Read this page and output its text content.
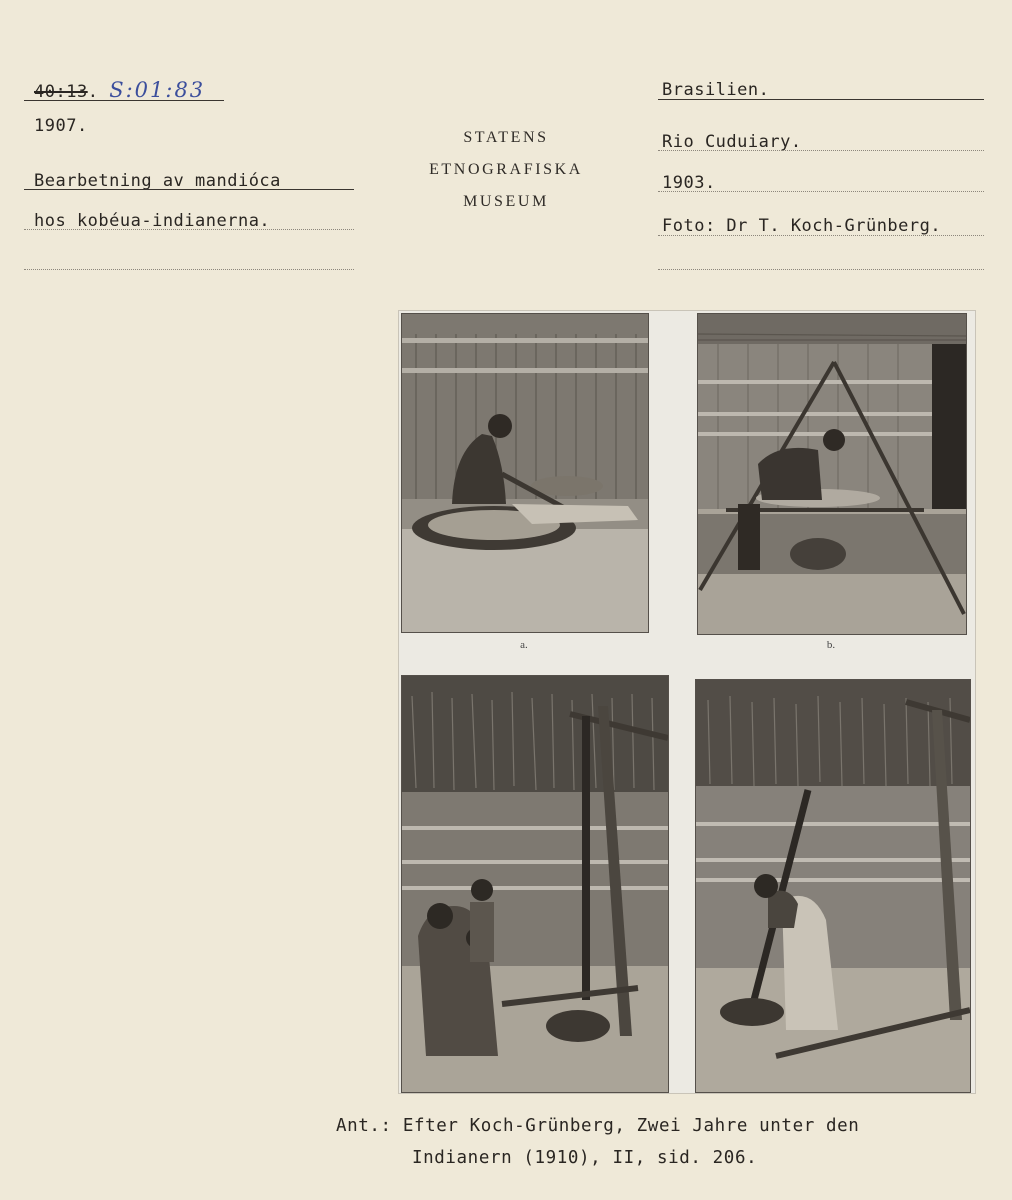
40:13. S:01:83
1907.
Bearbetning av mandióca
hos kobéua-indianerna.
STATENS
ETNOGRAFISKA
MUSEUM
Brasilien.
Rio Cuduiary.
1903.
Foto: Dr T. Koch-Grünberg.
a.	b.
Ant.: Efter Koch-Grünberg, Zwei Jahre unter den
Indianern (1910), II, sid. 206.
